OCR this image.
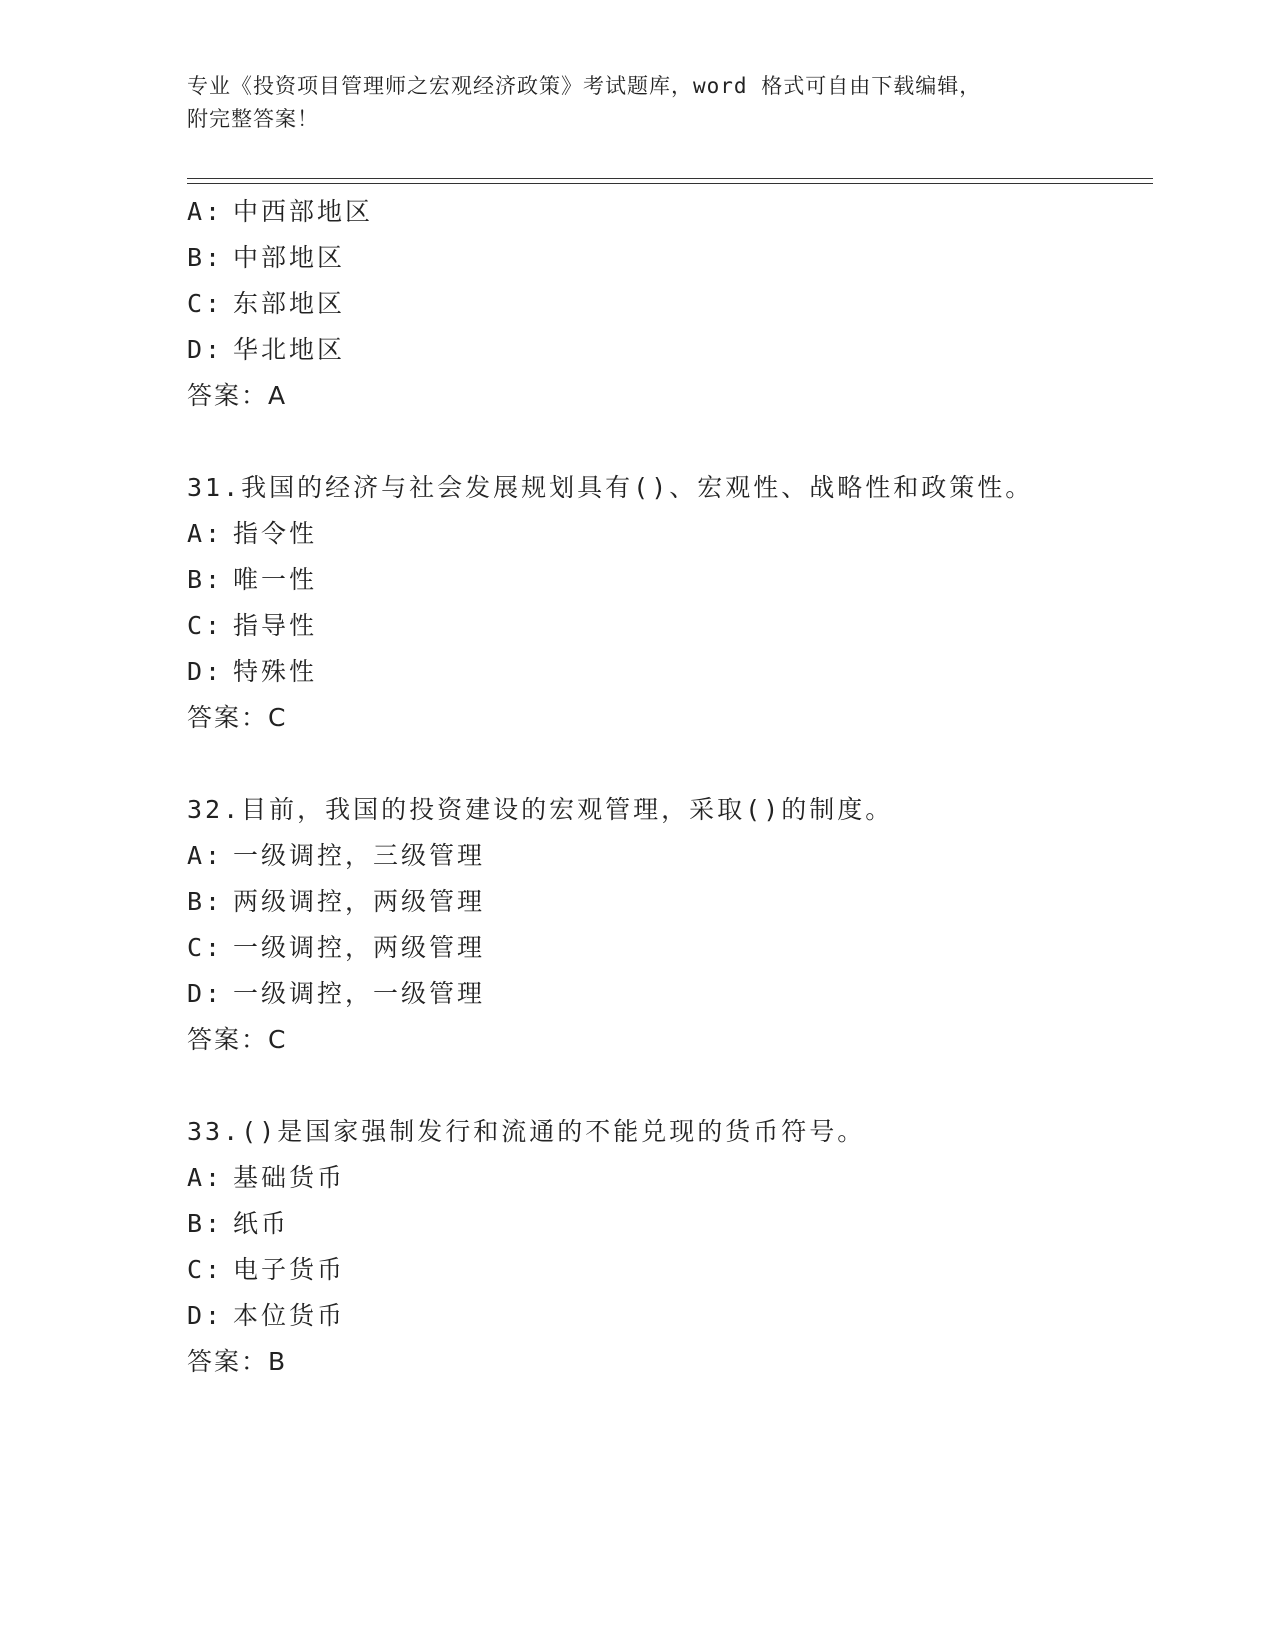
专业《投资项目管理师之宏观经济政策》考试题库，word 格式可自由下载编辑，
附完整答案！
A: 中西部地区
B: 中部地区
C: 东部地区
D: 华北地区
答案：A
31.我国的经济与社会发展规划具有()、宏观性、战略性和政策性。
A: 指令性
B: 唯一性
C: 指导性
D: 特殊性
答案：C
32.目前，我国的投资建设的宏观管理，采取()的制度。
A: 一级调控，三级管理
B: 两级调控，两级管理
C: 一级调控，两级管理
D: 一级调控，一级管理
答案：C
33.()是国家强制发行和流通的不能兑现的货币符号。
A: 基础货币
B: 纸币
C: 电子货币
D: 本位货币
答案：B
